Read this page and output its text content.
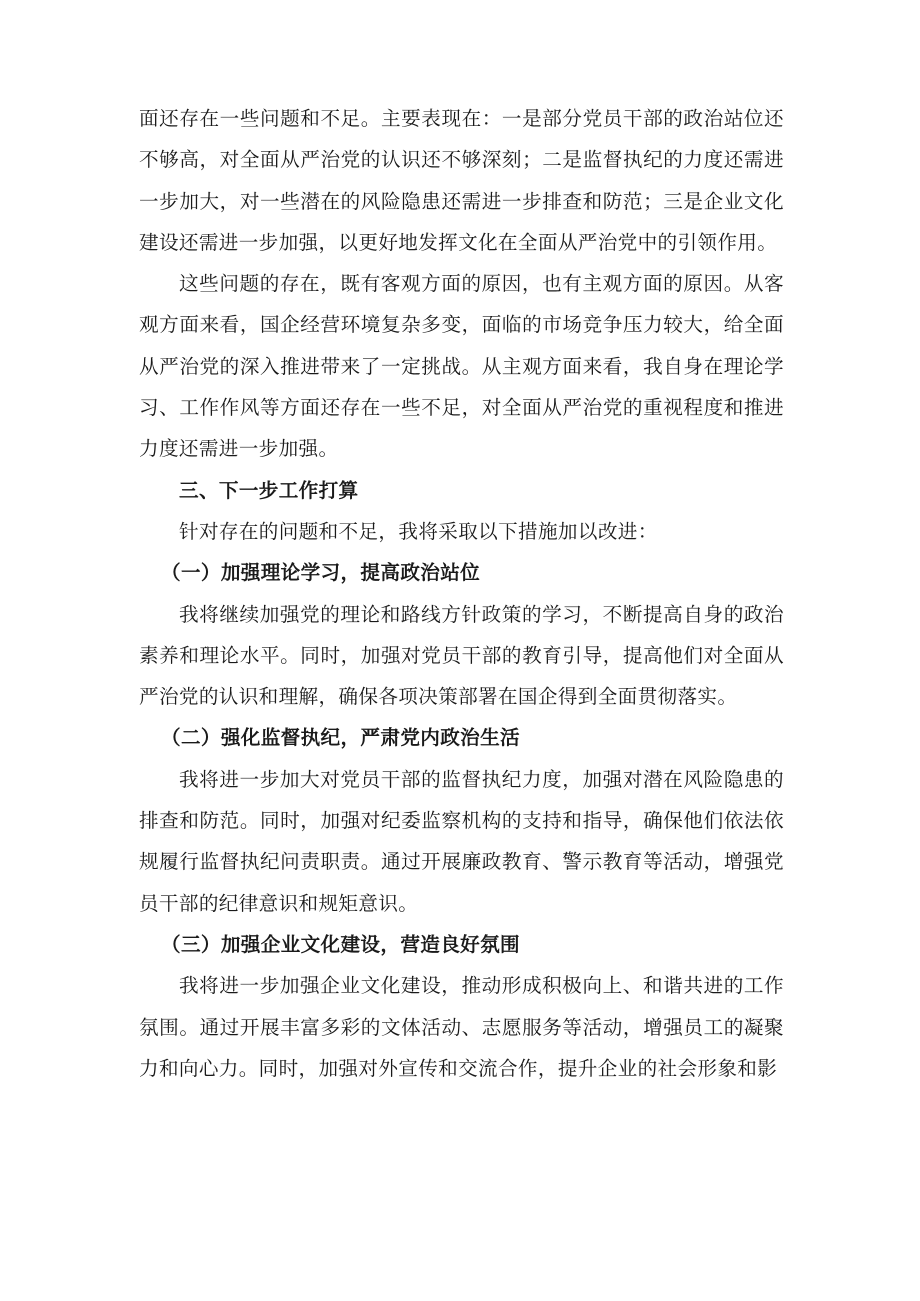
面还存在一些问题和不足。主要表现在：一是部分党员干部的政治站位还不够高，对全面从严治党的认识还不够深刻；二是监督执纪的力度还需进一步加大，对一些潜在的风险隐患还需进一步排查和防范；三是企业文化建设还需进一步加强，以更好地发挥文化在全面从严治党中的引领作用。

这些问题的存在，既有客观方面的原因，也有主观方面的原因。从客观方面来看，国企经营环境复杂多变，面临的市场竞争压力较大，给全面从严治党的深入推进带来了一定挑战。从主观方面来看，我自身在理论学习、工作作风等方面还存在一些不足，对全面从严治党的重视程度和推进力度还需进一步加强。

三、下一步工作打算

针对存在的问题和不足，我将采取以下措施加以改进：

（一）加强理论学习，提高政治站位

我将继续加强党的理论和路线方针政策的学习，不断提高自身的政治素养和理论水平。同时，加强对党员干部的教育引导，提高他们对全面从严治党的认识和理解，确保各项决策部署在国企得到全面贯彻落实。

（二）强化监督执纪，严肃党内政治生活

我将进一步加大对党员干部的监督执纪力度，加强对潜在风险隐患的排查和防范。同时，加强对纪委监察机构的支持和指导，确保他们依法依规履行监督执纪问责职责。通过开展廉政教育、警示教育等活动，增强党员干部的纪律意识和规矩意识。

（三）加强企业文化建设，营造良好氛围

我将进一步加强企业文化建设，推动形成积极向上、和谐共进的工作氛围。通过开展丰富多彩的文体活动、志愿服务等活动，增强员工的凝聚力和向心力。同时，加强对外宣传和交流合作，提升企业的社会形象和影
